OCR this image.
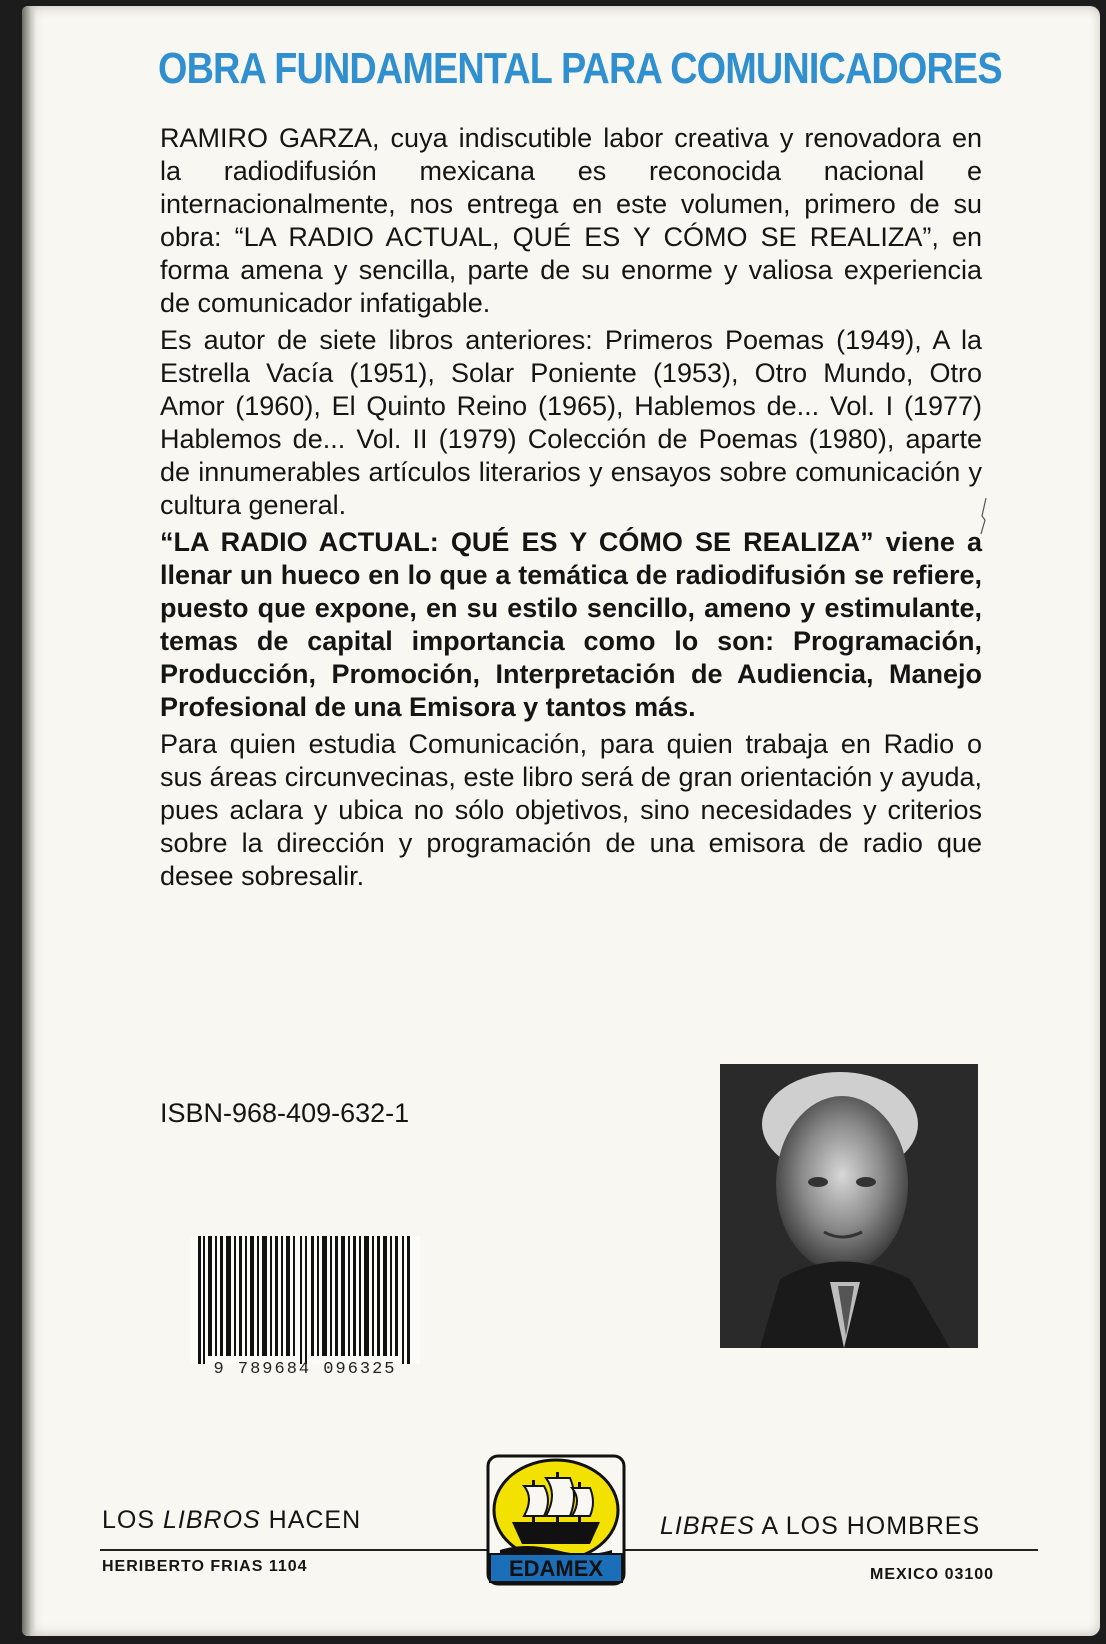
OBRA FUNDAMENTAL PARA COMUNICADORES

RAMIRO GARZA, cuya indiscutible labor creativa y renovadora en la radiodifusión mexicana es reconocida nacional e internacionalmente, nos entrega en este volumen, primero de su obra: “LA RADIO ACTUAL, QUÉ ES Y CÓMO SE REALIZA”, en forma amena y sencilla, parte de su enorme y valiosa experiencia de comunicador infatigable.

Es autor de siete libros anteriores: Primeros Poemas (1949), A la Estrella Vacía (1951), Solar Poniente (1953), Otro Mundo, Otro Amor (1960), El Quinto Reino (1965), Hablemos de... Vol. I (1977) Hablemos de... Vol. II (1979) Colección de Poemas (1980), aparte de innumerables artículos literarios y ensayos sobre comunicación y cultura general.

“LA RADIO ACTUAL: QUÉ ES Y CÓMO SE REALIZA” viene a llenar un hueco en lo que a temática de radiodifusión se refiere, puesto que expone, en su estilo sencillo, ameno y estimulante, temas de capital importancia como lo son: Programación, Producción, Promoción, Interpretación de Audiencia, Manejo Profesional de una Emisora y tantos más.

Para quien estudia Comunicación, para quien trabaja en Radio o sus áreas circunvecinas, este libro será de gran orientación y ayuda, pues aclara y ubica no sólo objetivos, sino necesidades y criterios sobre la dirección y programación de una emisora de radio que desee sobresalir.

ISBN-968-409-632-1
9 789684 096325
LOS LIBROS HACEN	LIBRES A LOS HOMBRES
HERIBERTO FRIAS 1104	MEXICO 03100
EDAMEX
